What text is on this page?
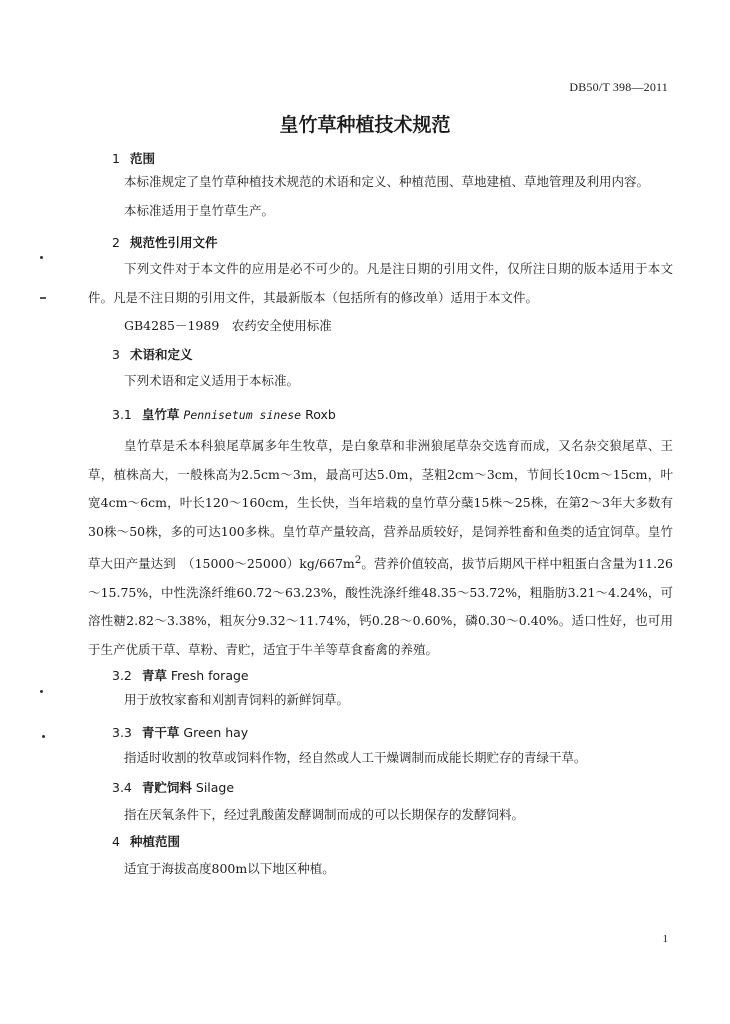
DB50/T 398—2011
皇竹草种植技术规范
1 范围
本标准规定了皇竹草种植技术规范的术语和定义、种植范围、草地建植、草地管理及利用内容。
本标准适用于皇竹草生产。
2 规范性引用文件

下列文件对于本文件的应用是必不可少的。凡是注日期的引用文件，仅所注日期的版本适用于本文件。凡是不注日期的引用文件，其最新版本（包括所有的修改单）适用于本文件。

GB4285－1989　农药安全使用标准
3 术语和定义
下列术语和定义适用于本标准。
3.1 皇竹草 Pennisetum sinese Roxb

皇竹草是禾本科狼尾草属多年生牧草，是白象草和非洲狼尾草杂交选育而成，又名杂交狼尾草、王草，植株高大，一般株高为2.5cm～3m，最高可达5.0m，茎粗2cm～3cm，节间长10cm～15cm，叶宽4cm～6cm，叶长120～160cm，生长快，当年培栽的皇竹草分蘖15株～25株，在第2～3年大多数有30株～50株，多的可达100多株。皇竹草产量较高，营养品质较好，是饲养牲畜和鱼类的适宜饲草。皇竹草大田产量达到　$(15000\sim 25000)kg/667m^2$。营养价值较高，拔节后期风干样中粗蛋白含量为11.26～15.75%，中性洗涤纤维60.72～63.23%，酸性洗涤纤维48.35～53.72%，粗脂肪3.21～4.24%，可溶性糖2.82～3.38%，粗灰分9.32～11.74%，钙0.28～0.60%，磷0.30～0.40%。适口性好，也可用于生产优质干草、草粉、青贮，适宜于牛羊等草食畜禽的养殖。

3.2 青草 Fresh forage
用于放牧家畜和刈割青饲料的新鲜饲草。
3.3 青干草 Green hay
指适时收割的牧草或饲料作物，经自然或人工干燥调制而成能长期贮存的青绿干草。
3.4 青贮饲料 Silage
指在厌氧条件下，经过乳酸菌发酵调制而成的可以长期保存的发酵饲料。
4 种植范围
适宜于海拔高度800m以下地区种植。
1
